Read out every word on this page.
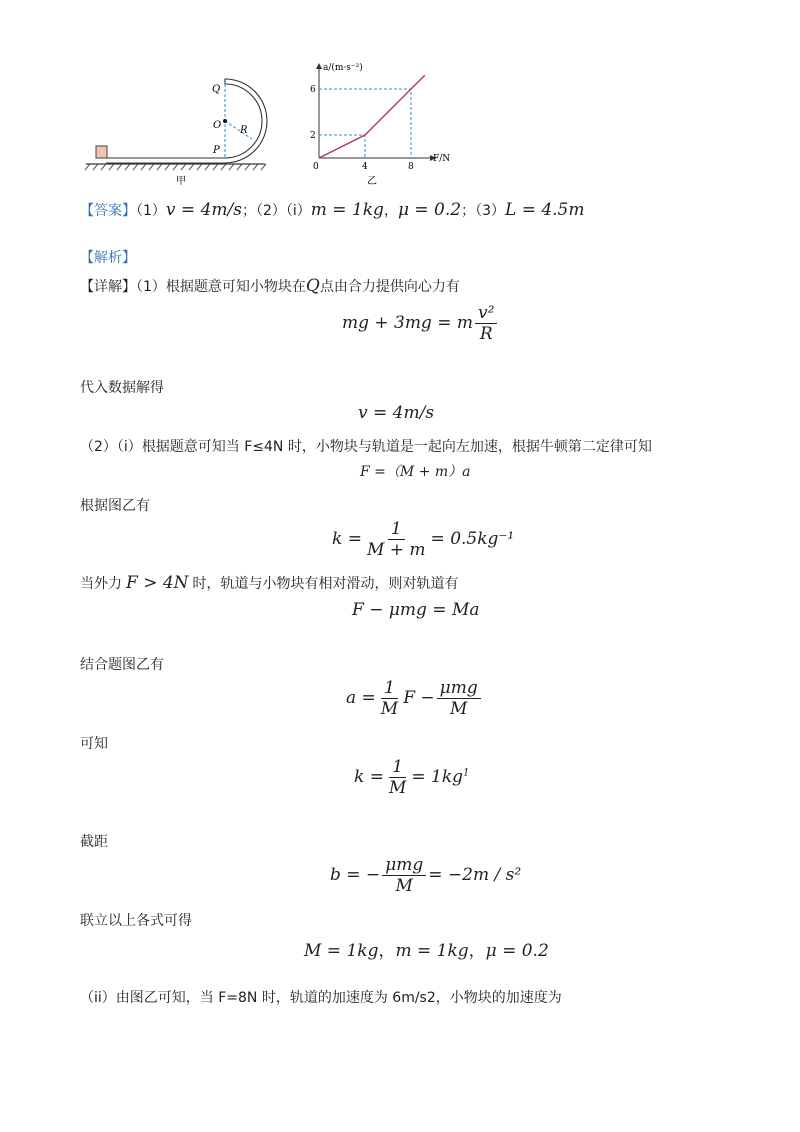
Q
O R
P
甲
a/(m·s⁻²)
F/N
0	4	8
2
6
乙
【答案】（1）v = 4m/s；（2）（i）m = 1kg，μ = 0.2；（3）L = 4.5m
【解析】
【详解】（1）根据题意可知小物块在Q点由合力提供向心力有
mg + 3mg = m $\frac{\text{v²}}{R}$
代入数据解得
v = 4m/s
（2）（i）根据题意可知当 F≤4N 时，小物块与轨道是一起向左加速，根据牛顿第二定律可知
F =（M + m）a
根据图乙有
$k = \frac{1}{M + m} = 0.5kg^{-1}$
当外力 F > 4N 时，轨道与小物块有相对滑动，则对轨道有
F − μmg = Ma
结合题图乙有
$a = \frac{1}{M}$ $F - \frac{\text{μmg}}{M}$
可知
$k = \frac{1}{M} = 1kg^1$
截距
b = − $\frac{\text{μmg}}{M} = -2m / s^2$
联立以上各式可得
M = 1kg，m = 1kg，μ = 0.2
（ii）由图乙可知，当 F=8N 时，轨道的加速度为 6m/s2，小物块的加速度为
